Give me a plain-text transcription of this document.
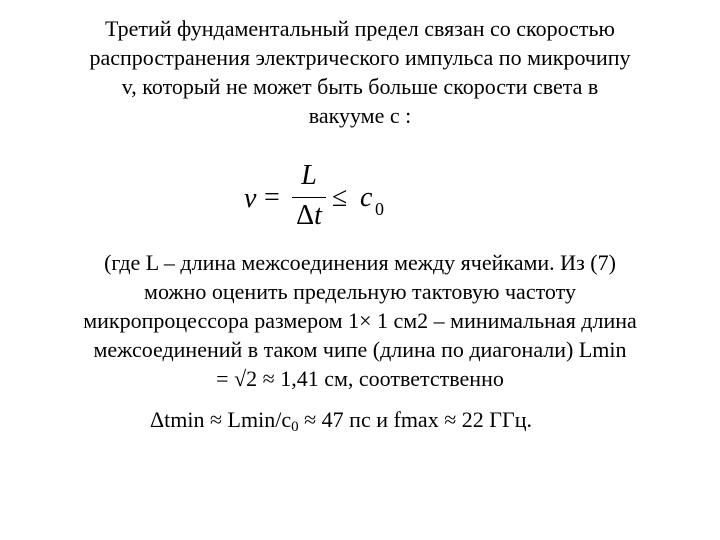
Третий фундаментальный предел связан со скоростью
распространения электрического импульса по микрочипу
v, который не может быть больше скорости света в
вакууме c :
v =
L
Δt
≤ c 0
(где L – длина межсоединения между ячейками. Из (7)
можно оценить предельную тактовую частоту
микропроцессора размером 1× 1 см2 – минимальная длина
межсоединений в таком чипе (длина по диагонали) Lmin
= √2 ≈ 1,41 см, соответственно
Δtmin ≈ Lmin/$c_0 \approx 47$ пс и fmax ≈ 22 ГГц.
